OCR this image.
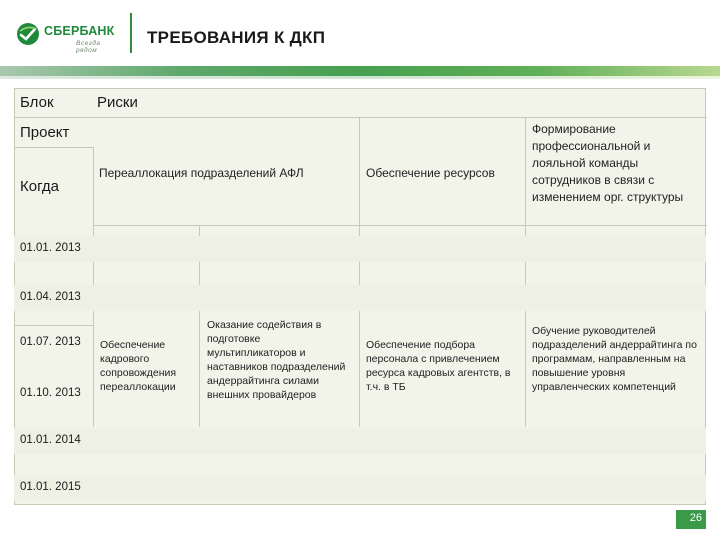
СБЕРБАНК
Всегда рядом
ТРЕБОВАНИЯ К ДКП
Блок	Риски
Проект
Когда
Переаллокация подразделений АФЛ	Обеспечение ресурсов
Формирование профессиональной и лояльной команды сотрудников в связи с изменением орг. структуры
01.01. 2013
01.04. 2013
01.07. 2013
01.10. 2013
01.01. 2014
01.01. 2015
Обеспечение кадрового сопровождения переаллокации
Оказание содействия в подготовке мультипликаторов и наставников подразделений андеррайтинга силами внешних провайдеров
Обеспечение подбора персонала с привлечением ресурса кадровых агентств, в т.ч. в ТБ
Обучение руководителей подразделений андеррайтинга по программам, направленным на повышение уровня управленческих компетенций
26
